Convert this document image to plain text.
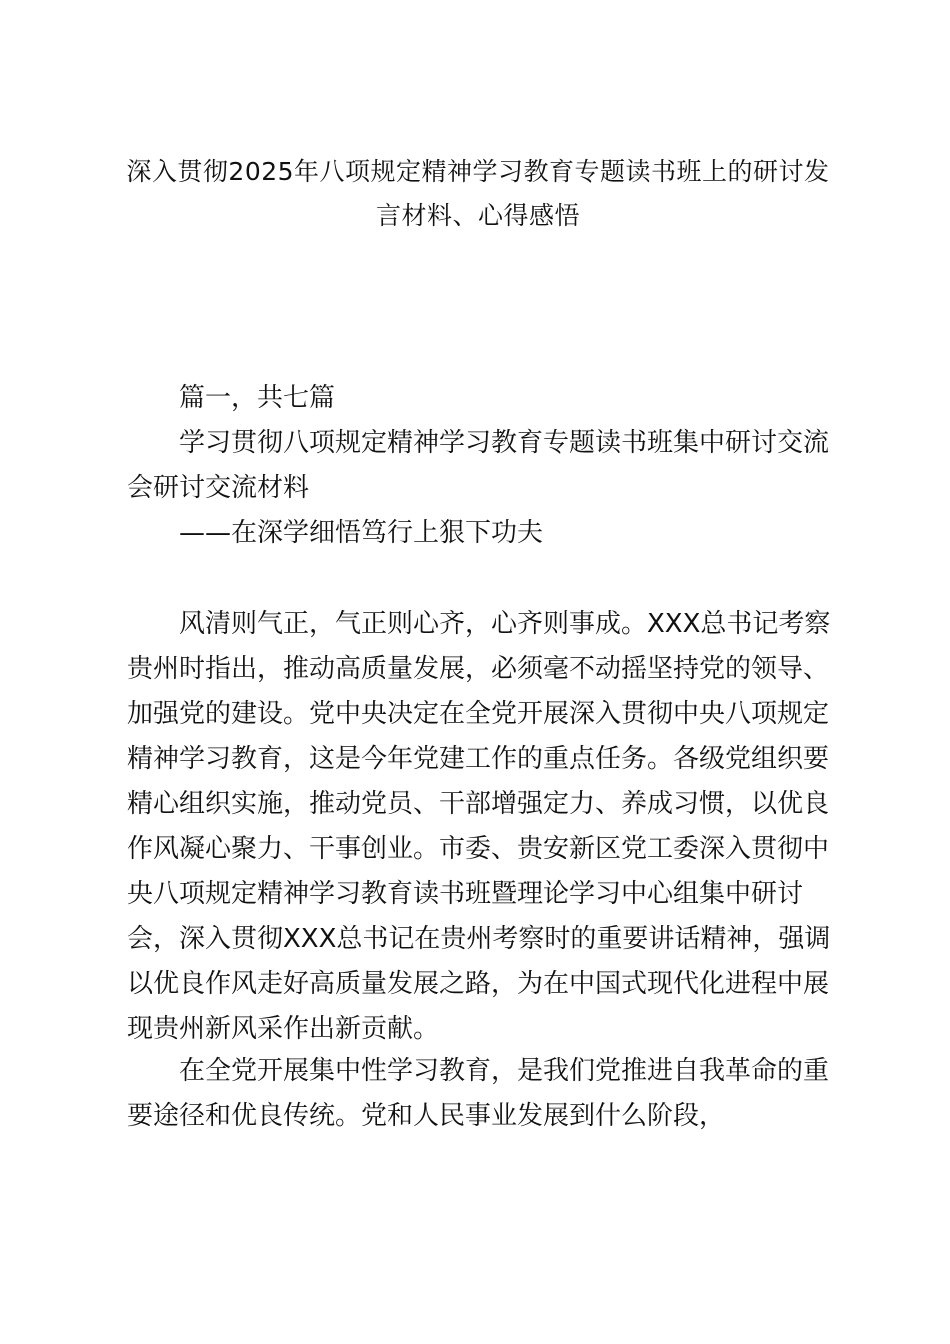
深入贯彻2025年八项规定精神学习教育专题读书班上的研讨发
言材料、心得感悟

篇一，共七篇

学习贯彻八项规定精神学习教育专题读书班集中研讨交流会研讨交流材料

——在深学细悟笃行上狠下功夫

风清则气正，气正则心齐，心齐则事成。XXX总书记考察贵州时指出，推动高质量发展，必须毫不动摇坚持党的领导、加强党的建设。党中央决定在全党开展深入贯彻中央八项规定精神学习教育，这是今年党建工作的重点任务。各级党组织要精心组织实施，推动党员、干部增强定力、养成习惯，以优良作风凝心聚力、干事创业。市委、贵安新区党工委深入贯彻中央八项规定精神学习教育读书班暨理论学习中心组集中研讨会，深入贯彻XXX总书记在贵州考察时的重要讲话精神，强调以优良作风走好高质量发展之路，为在中国式现代化进程中展现贵州新风采作出新贡献。

在全党开展集中性学习教育，是我们党推进自我革命的重要途径和优良传统。党和人民事业发展到什么阶段，
